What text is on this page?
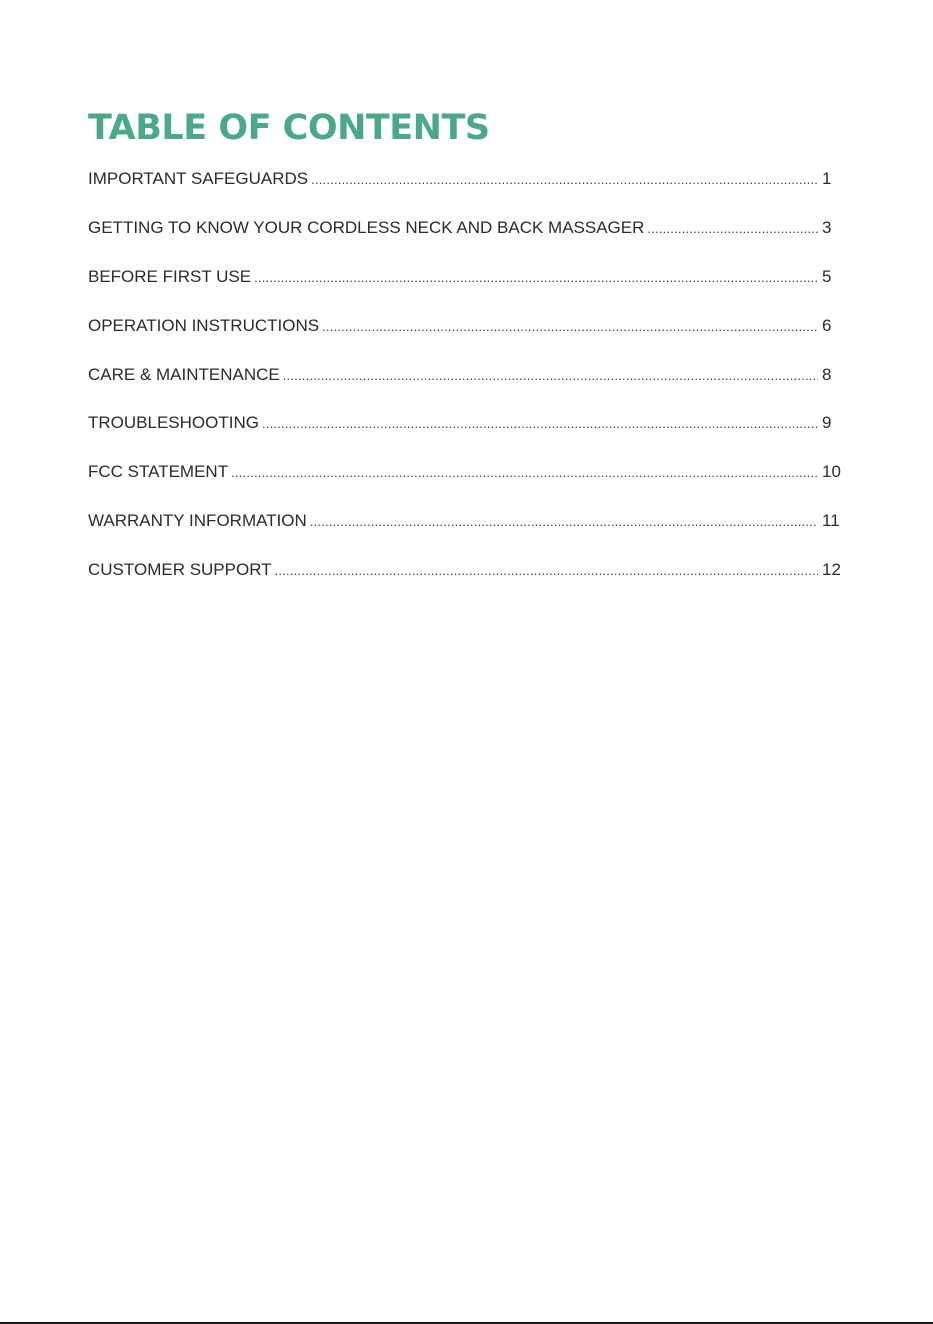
TABLE OF CONTENTS
IMPORTANT SAFEGUARDS .....	1
GETTING TO KNOW YOUR CORDLESS NECK AND BACK MASSAGER .....	3
BEFORE FIRST USE .....	5
OPERATION INSTRUCTIONS .....	6
CARE & MAINTENANCE .....	8
TROUBLESHOOTING .....	9
FCC STATEMENT .....	10
WARRANTY INFORMATION .....	11
CUSTOMER SUPPORT .....	12
